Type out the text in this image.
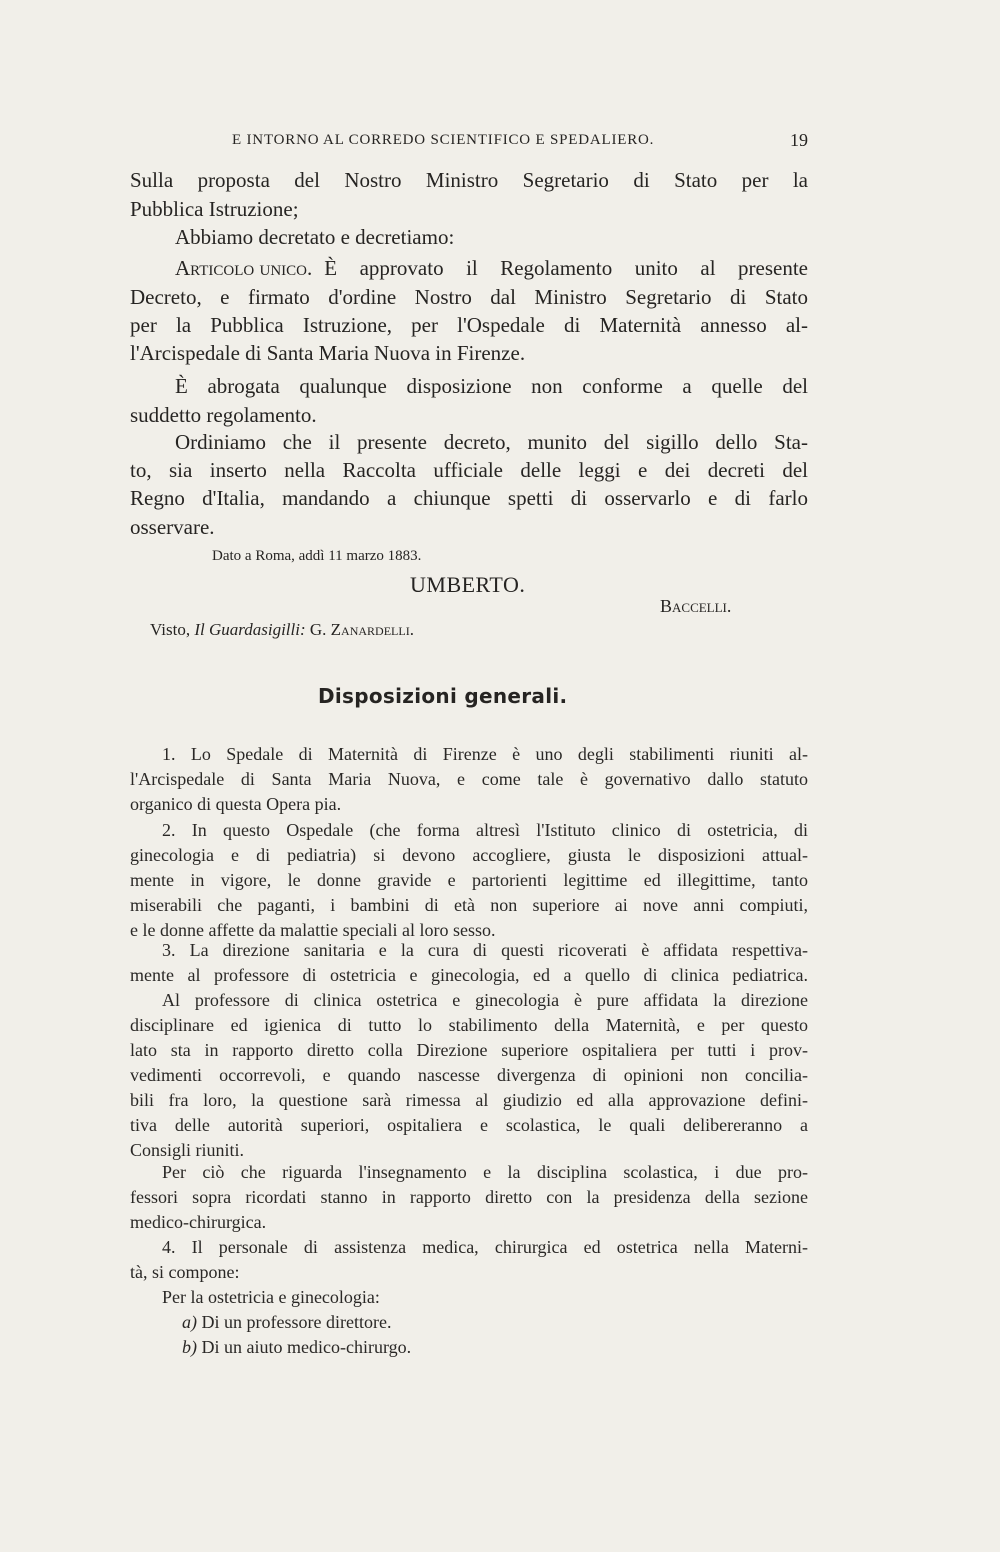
E INTORNO AL CORREDO SCIENTIFICO E SPEDALIERO.	19
Sulla proposta del Nostro Ministro Segretario di Stato per la
Pubblica Istruzione;
Abbiamo decretato e decretiamo:
Articolo unico. È approvato il Regolamento unito al presente
Decreto, e firmato d'ordine Nostro dal Ministro Segretario di Stato
per la Pubblica Istruzione, per l'Ospedale di Maternità annesso al-
l'Arcispedale di Santa Maria Nuova in Firenze.
È abrogata qualunque disposizione non conforme a quelle del
suddetto regolamento.
Ordiniamo che il presente decreto, munito del sigillo dello Sta-
to, sia inserto nella Raccolta ufficiale delle leggi e dei decreti del
Regno d'Italia, mandando a chiunque spetti di osservarlo e di farlo
osservare.
Dato a Roma, addì 11 marzo 1883.
UMBERTO.
Baccelli.
Visto, Il Guardasigilli: G. Zanardelli.
Disposizioni generali.
1. Lo Spedale di Maternità di Firenze è uno degli stabilimenti riuniti al-
l'Arcispedale di Santa Maria Nuova, e come tale è governativo dallo statuto
organico di questa Opera pia.
2. In questo Ospedale (che forma altresì l'Istituto clinico di ostetricia, di
ginecologia e di pediatria) si devono accogliere, giusta le disposizioni attual-
mente in vigore, le donne gravide e partorienti legittime ed illegittime, tanto
miserabili che paganti, i bambini di età non superiore ai nove anni compiuti,
e le donne affette da malattie speciali al loro sesso.
3. La direzione sanitaria e la cura di questi ricoverati è affidata respettiva-
mente al professore di ostetricia e ginecologia, ed a quello di clinica pediatrica.
Al professore di clinica ostetrica e ginecologia è pure affidata la direzione
disciplinare ed igienica di tutto lo stabilimento della Maternità, e per questo
lato sta in rapporto diretto colla Direzione superiore ospitaliera per tutti i prov-
vedimenti occorrevoli, e quando nascesse divergenza di opinioni non concilia-
bili fra loro, la questione sarà rimessa al giudizio ed alla approvazione defini-
tiva delle autorità superiori, ospitaliera e scolastica, le quali delibereranno a
Consigli riuniti.
Per ciò che riguarda l'insegnamento e la disciplina scolastica, i due pro-
fessori sopra ricordati stanno in rapporto diretto con la presidenza della sezione
medico-chirurgica.
4. Il personale di assistenza medica, chirurgica ed ostetrica nella Materni-
tà, si compone:
Per la ostetricia e ginecologia:
a) Di un professore direttore.
b) Di un aiuto medico-chirurgo.
